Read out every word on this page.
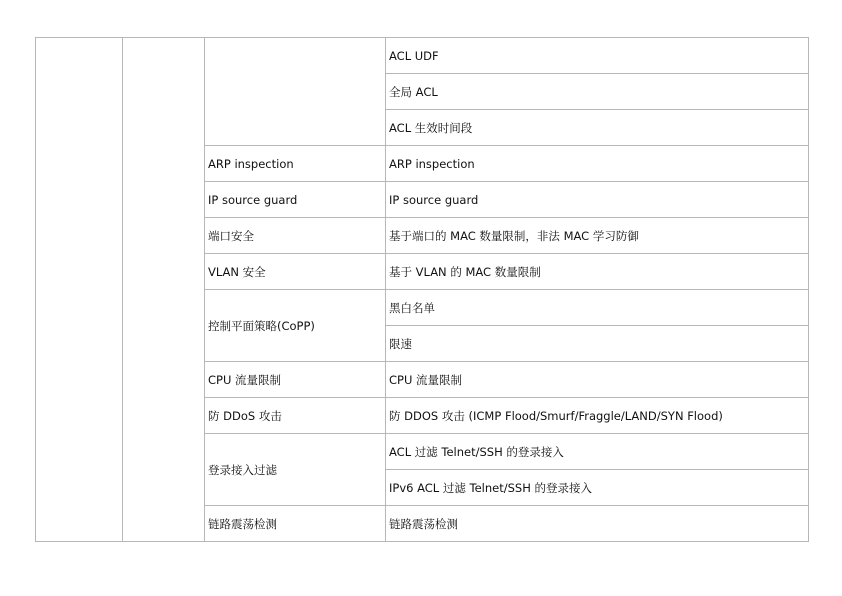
			ACL UDF
			全局 ACL
			ACL 生效时间段
		ARP inspection	ARP inspection
		IP source guard	IP source guard
		端口安全	基于端口的 MAC 数量限制，非法 MAC 学习防御
		VLAN 安全	基于 VLAN 的 MAC 数量限制
		控制平面策略(CoPP)	黑白名单
			限速
		CPU 流量限制	CPU 流量限制
		防 DDoS 攻击	防 DDOS 攻击 (ICMP Flood/Smurf/Fraggle/LAND/SYN Flood)
		登录接入过滤	ACL 过滤 Telnet/SSH 的登录接入
			IPv6 ACL 过滤 Telnet/SSH 的登录接入
		链路震荡检测	链路震荡检测
